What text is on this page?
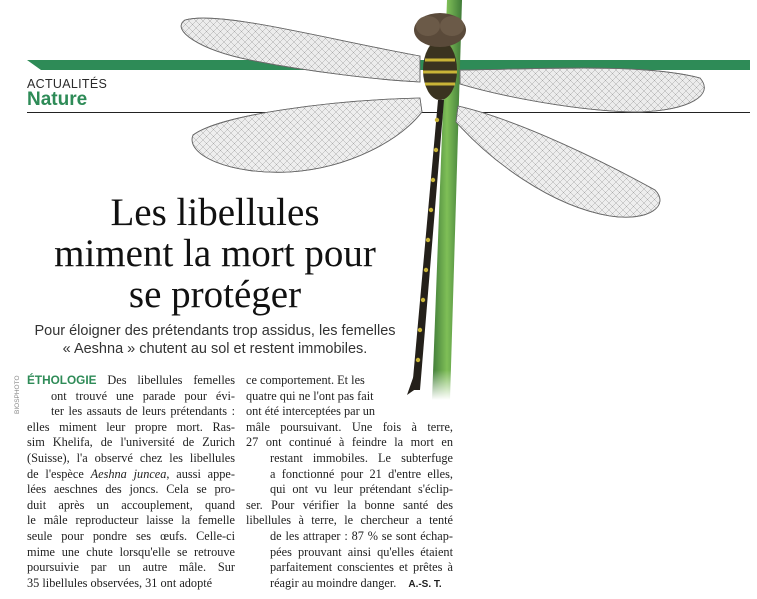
ACTUALITÉS
Nature
Les libellules
miment la mort pour
se protéger
Pour éloigner des prétendants trop assidus, les femelles
« Aeshna » chutent au sol et restent immobiles.
BIOSPHOTO ÉTHOLOGIE Des libellules femelles
ont trouvé une parade pour évi-
ter les assauts de leurs prétendants :
elles miment leur propre mort. Ras-
sim Khelifa, de l'université de Zurich
(Suisse), l'a observé chez les libellules
de l'espèce Aeshna juncea, aussi appe-
lées aeschnes des joncs. Cela se pro-
duit après un accouplement, quand
le mâle reproducteur laisse la femelle
seule pour pondre ses œufs. Celle-ci
mime une chute lorsqu'elle se retrouve
poursuivie par un autre mâle. Sur
35 libellules observées, 31 ont adopté
ce comportement. Et les
quatre qui ne l'ont pas fait
ont été interceptées par un
mâle poursuivant. Une fois à terre,
27 ont continué à feindre la mort en
restant immobiles. Le subterfuge
a fonctionné pour 21 d'entre elles,
qui ont vu leur prétendant s'éclip-
ser. Pour vérifier la bonne santé des
libellules à terre, le chercheur a tenté
de les attraper : 87 % se sont échap-
pées prouvant ainsi qu'elles étaient
parfaitement conscientes et prêtes à
réagir au moindre danger. A.-S. T.
